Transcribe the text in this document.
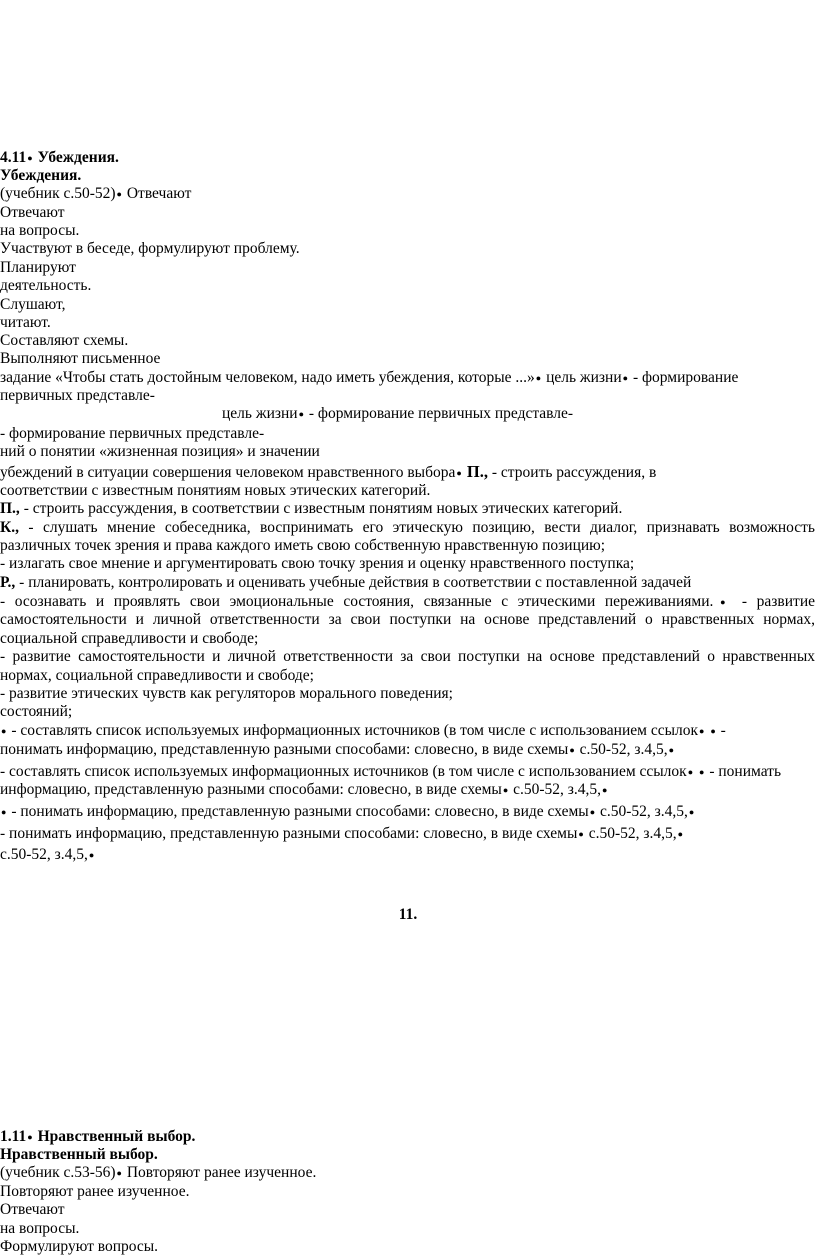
4.11 ● Убеждения.
Убеждения.
(учебник с.50-52)● Отвечают
Отвечают
на вопросы.
Участвуют в беседе, формулируют проблему.
Планируют
деятельность.
Слушают,
читают.
Составляют схемы.
Выполняют письменное
задание «Чтобы стать достойным человеком, надо иметь убеждения, которые ...»● цель жизни● - формирование
первичных представле-
цель жизни● - формирование первичных представле-
- формирование первичных представле-
ний о понятии «жизненная позиция» и значении
убеждений в ситуации совершения человеком нравственного выбора● П., - строить рассуждения, в
соответствии с известным понятиям новых этических категорий.
П., - строить рассуждения, в соответствии с известным понятиям новых этических категорий.
К., - слушать мнение собеседника, воспринимать его этическую позицию, вести диалог, признавать возможность
различных точек зрения и права каждого иметь свою собственную нравственную позицию;
- излагать свое мнение и аргументировать свою точку зрения и оценку нравственного поступка;
Р., - планировать, контролировать и оценивать учебные действия в соответствии с поставленной задачей
- осознавать и проявлять свои эмоциональные состояния, связанные с этическими переживаниями.● - развитие
самостоятельности и личной ответственности за свои поступки на основе представлений о нравственных нормах,
социальной справедливости и свободе;
- развитие самостоятельности и личной ответственности за свои поступки на основе представлений о нравственных
нормах, социальной справедливости и свободе;
- развитие этических чувств как регуляторов морального поведения;
состояний;
● - составлять список используемых информационных источников (в том числе с использованием ссылок● ● -
понимать информацию, представленную разными способами: словесно, в виде схемы● с.50-52, з.4,5,●
- составлять список используемых информационных источников (в том числе с использованием ссылок● ● - понимать
информацию, представленную разными способами: словесно, в виде схемы● с.50-52, з.4,5,●
● - понимать информацию, представленную разными способами: словесно, в виде схемы● с.50-52, з.4,5,●
- понимать информацию, представленную разными способами: словесно, в виде схемы● с.50-52, з.4,5,●
с.50-52, з.4,5,●
11.
1.11 ● Нравственный выбор.
Нравственный выбор.
(учебник с.53-56)● Повторяют ранее изученное.
Повторяют ранее изученное.
Отвечают
на вопросы.
Формулируют вопросы.
